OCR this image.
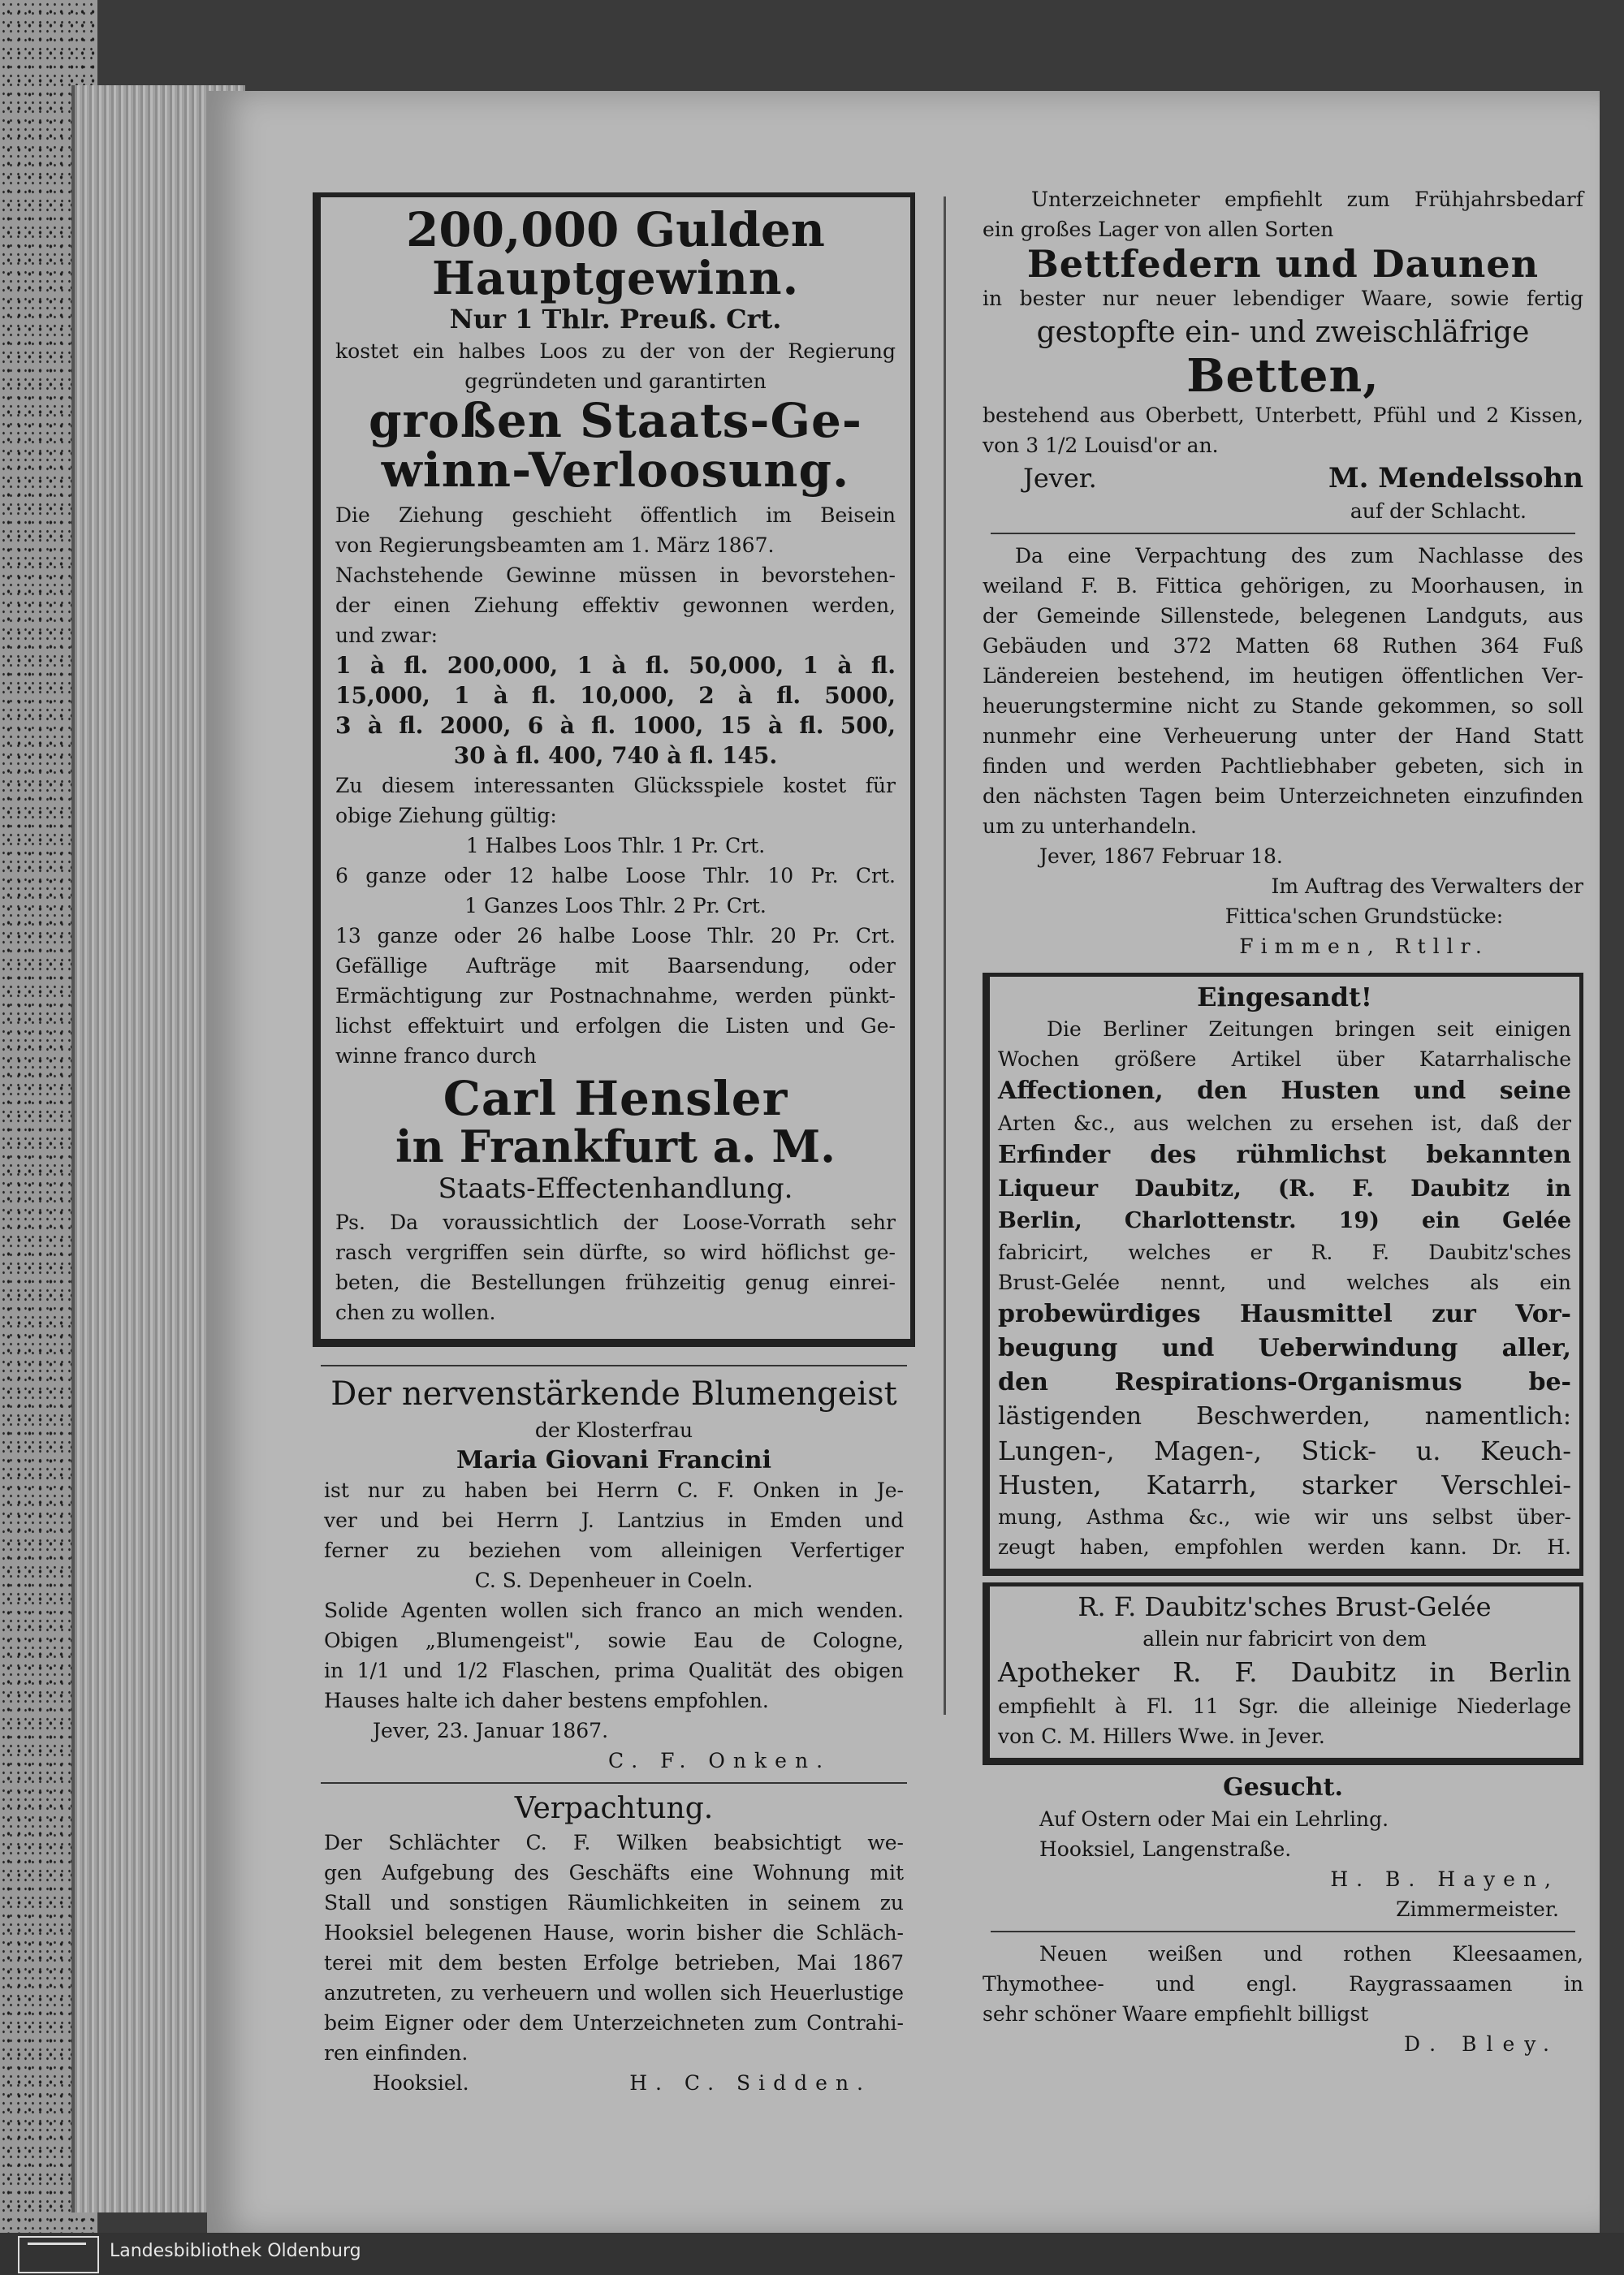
200,000 Gulden

Hauptgewinn.

Nur 1 Thlr. Preuß. Crt.

kostet ein halbes Loos zu der von der Regierung

gegründeten und garantirten

großen Staats-Ge-

winn-Verloosung.

Die Ziehung geschieht öffentlich im Beisein

von Regierungsbeamten am 1. März 1867.

Nachstehende Gewinne müssen in bevorstehen-

der einen Ziehung effektiv gewonnen werden,

und zwar:

1 à fl. 200,000, 1 à fl. 50,000, 1 à fl.

15,000, 1 à fl. 10,000, 2 à fl. 5000,

3 à fl. 2000, 6 à fl. 1000, 15 à fl. 500,

30 à fl. 400, 740 à fl. 145.

Zu diesem interessanten Glücksspiele kostet für

obige Ziehung gültig:

1 Halbes Loos Thlr. 1 Pr. Crt.

6 ganze oder 12 halbe Loose Thlr. 10 Pr. Crt.

1 Ganzes Loos Thlr. 2 Pr. Crt.

13 ganze oder 26 halbe Loose Thlr. 20 Pr. Crt.

Gefällige Aufträge mit Baarsendung, oder

Ermächtigung zur Postnachnahme, werden pünkt-

lichst effektuirt und erfolgen die Listen und Ge-

winne franco durch

Carl Hensler

in Frankfurt a. M.

Staats-Effectenhandlung.

Ps. Da voraussichtlich der Loose-Vorrath sehr

rasch vergriffen sein dürfte, so wird höflichst ge-

beten, die Bestellungen frühzeitig genug einrei-

chen zu wollen.

Der nervenstärkende Blumengeist

der Klosterfrau

Maria Giovani Francini

ist nur zu haben bei Herrn C. F. Onken in Je-

ver und bei Herrn J. Lantzius in Emden und

ferner zu beziehen vom alleinigen Verfertiger

C. S. Depenheuer in Coeln.

Solide Agenten wollen sich franco an mich wenden.

Obigen „Blumengeist", sowie Eau de Cologne,

in 1/1 und 1/2 Flaschen, prima Qualität des obigen

Hauses halte ich daher bestens empfohlen.

Jever, 23. Januar 1867.

C. F. Onken.

Verpachtung.

Der Schlächter C. F. Wilken beabsichtigt we-

gen Aufgebung des Geschäfts eine Wohnung mit

Stall und sonstigen Räumlichkeiten in seinem zu

Hooksiel belegenen Hause, worin bisher die Schläch-

terei mit dem besten Erfolge betrieben, Mai 1867

anzutreten, zu verheuern und wollen sich Heuerlustige

beim Eigner oder dem Unterzeichneten zum Contrahi-

ren einfinden.

Hooksiel.	H. C. Sidden.

Unterzeichneter empfiehlt zum Frühjahrsbedarf

ein großes Lager von allen Sorten

Bettfedern und Daunen

in bester nur neuer lebendiger Waare, sowie fertig

gestopfte ein- und zweischläfrige

Betten,

bestehend aus Oberbett, Unterbett, Pfühl und 2 Kissen,

von 3 1/2 Louisd'or an.

Jever.	M. Mendelssohn

auf der Schlacht.

Da eine Verpachtung des zum Nachlasse des

weiland F. B. Fittica gehörigen, zu Moorhausen, in

der Gemeinde Sillenstede, belegenen Landguts, aus

Gebäuden und 372 Matten 68 Ruthen 364 Fuß

Ländereien bestehend, im heutigen öffentlichen Ver-

heuerungstermine nicht zu Stande gekommen, so soll

nunmehr eine Verheuerung unter der Hand Statt

finden und werden Pachtliebhaber gebeten, sich in

den nächsten Tagen beim Unterzeichneten einzufinden

um zu unterhandeln.

Jever, 1867 Februar 18.

Im Auftrag des Verwalters der

Fittica'schen Grundstücke:

Fimmen, Rtllr.

Eingesandt!

Die Berliner Zeitungen bringen seit einigen

Wochen größere Artikel über Katarrhalische

Affectionen, den Husten und seine

Arten &c., aus welchen zu ersehen ist, daß der

Erfinder des rühmlichst bekannten

Liqueur Daubitz, (R. F. Daubitz in

Berlin, Charlottenstr. 19) ein Gelée

fabricirt, welches er R. F. Daubitz'sches

Brust-Gelée nennt, und welches als ein

probewürdiges Hausmittel zur Vor-

beugung und Ueberwindung aller,

den Respirations-Organismus be-

lästigenden Beschwerden, namentlich:

Lungen-, Magen-, Stick- u. Keuch-

Husten, Katarrh, starker Verschlei-

mung, Asthma &c., wie wir uns selbst über-

zeugt haben, empfohlen werden kann. Dr. H.

R. F. Daubitz'sches Brust-Gelée

allein nur fabricirt von dem

Apotheker R. F. Daubitz in Berlin

empfiehlt à Fl. 11 Sgr. die alleinige Niederlage

von C. M. Hillers Wwe. in Jever.

Gesucht.

Auf Ostern oder Mai ein Lehrling.

Hooksiel, Langenstraße.

H. B. Hayen,

Zimmermeister.

Neuen weißen und rothen Kleesaamen,

Thymothee- und engl. Raygrassaamen in

sehr schöner Waare empfiehlt billigst

D. Bley.

Landesbibliothek Oldenburg
